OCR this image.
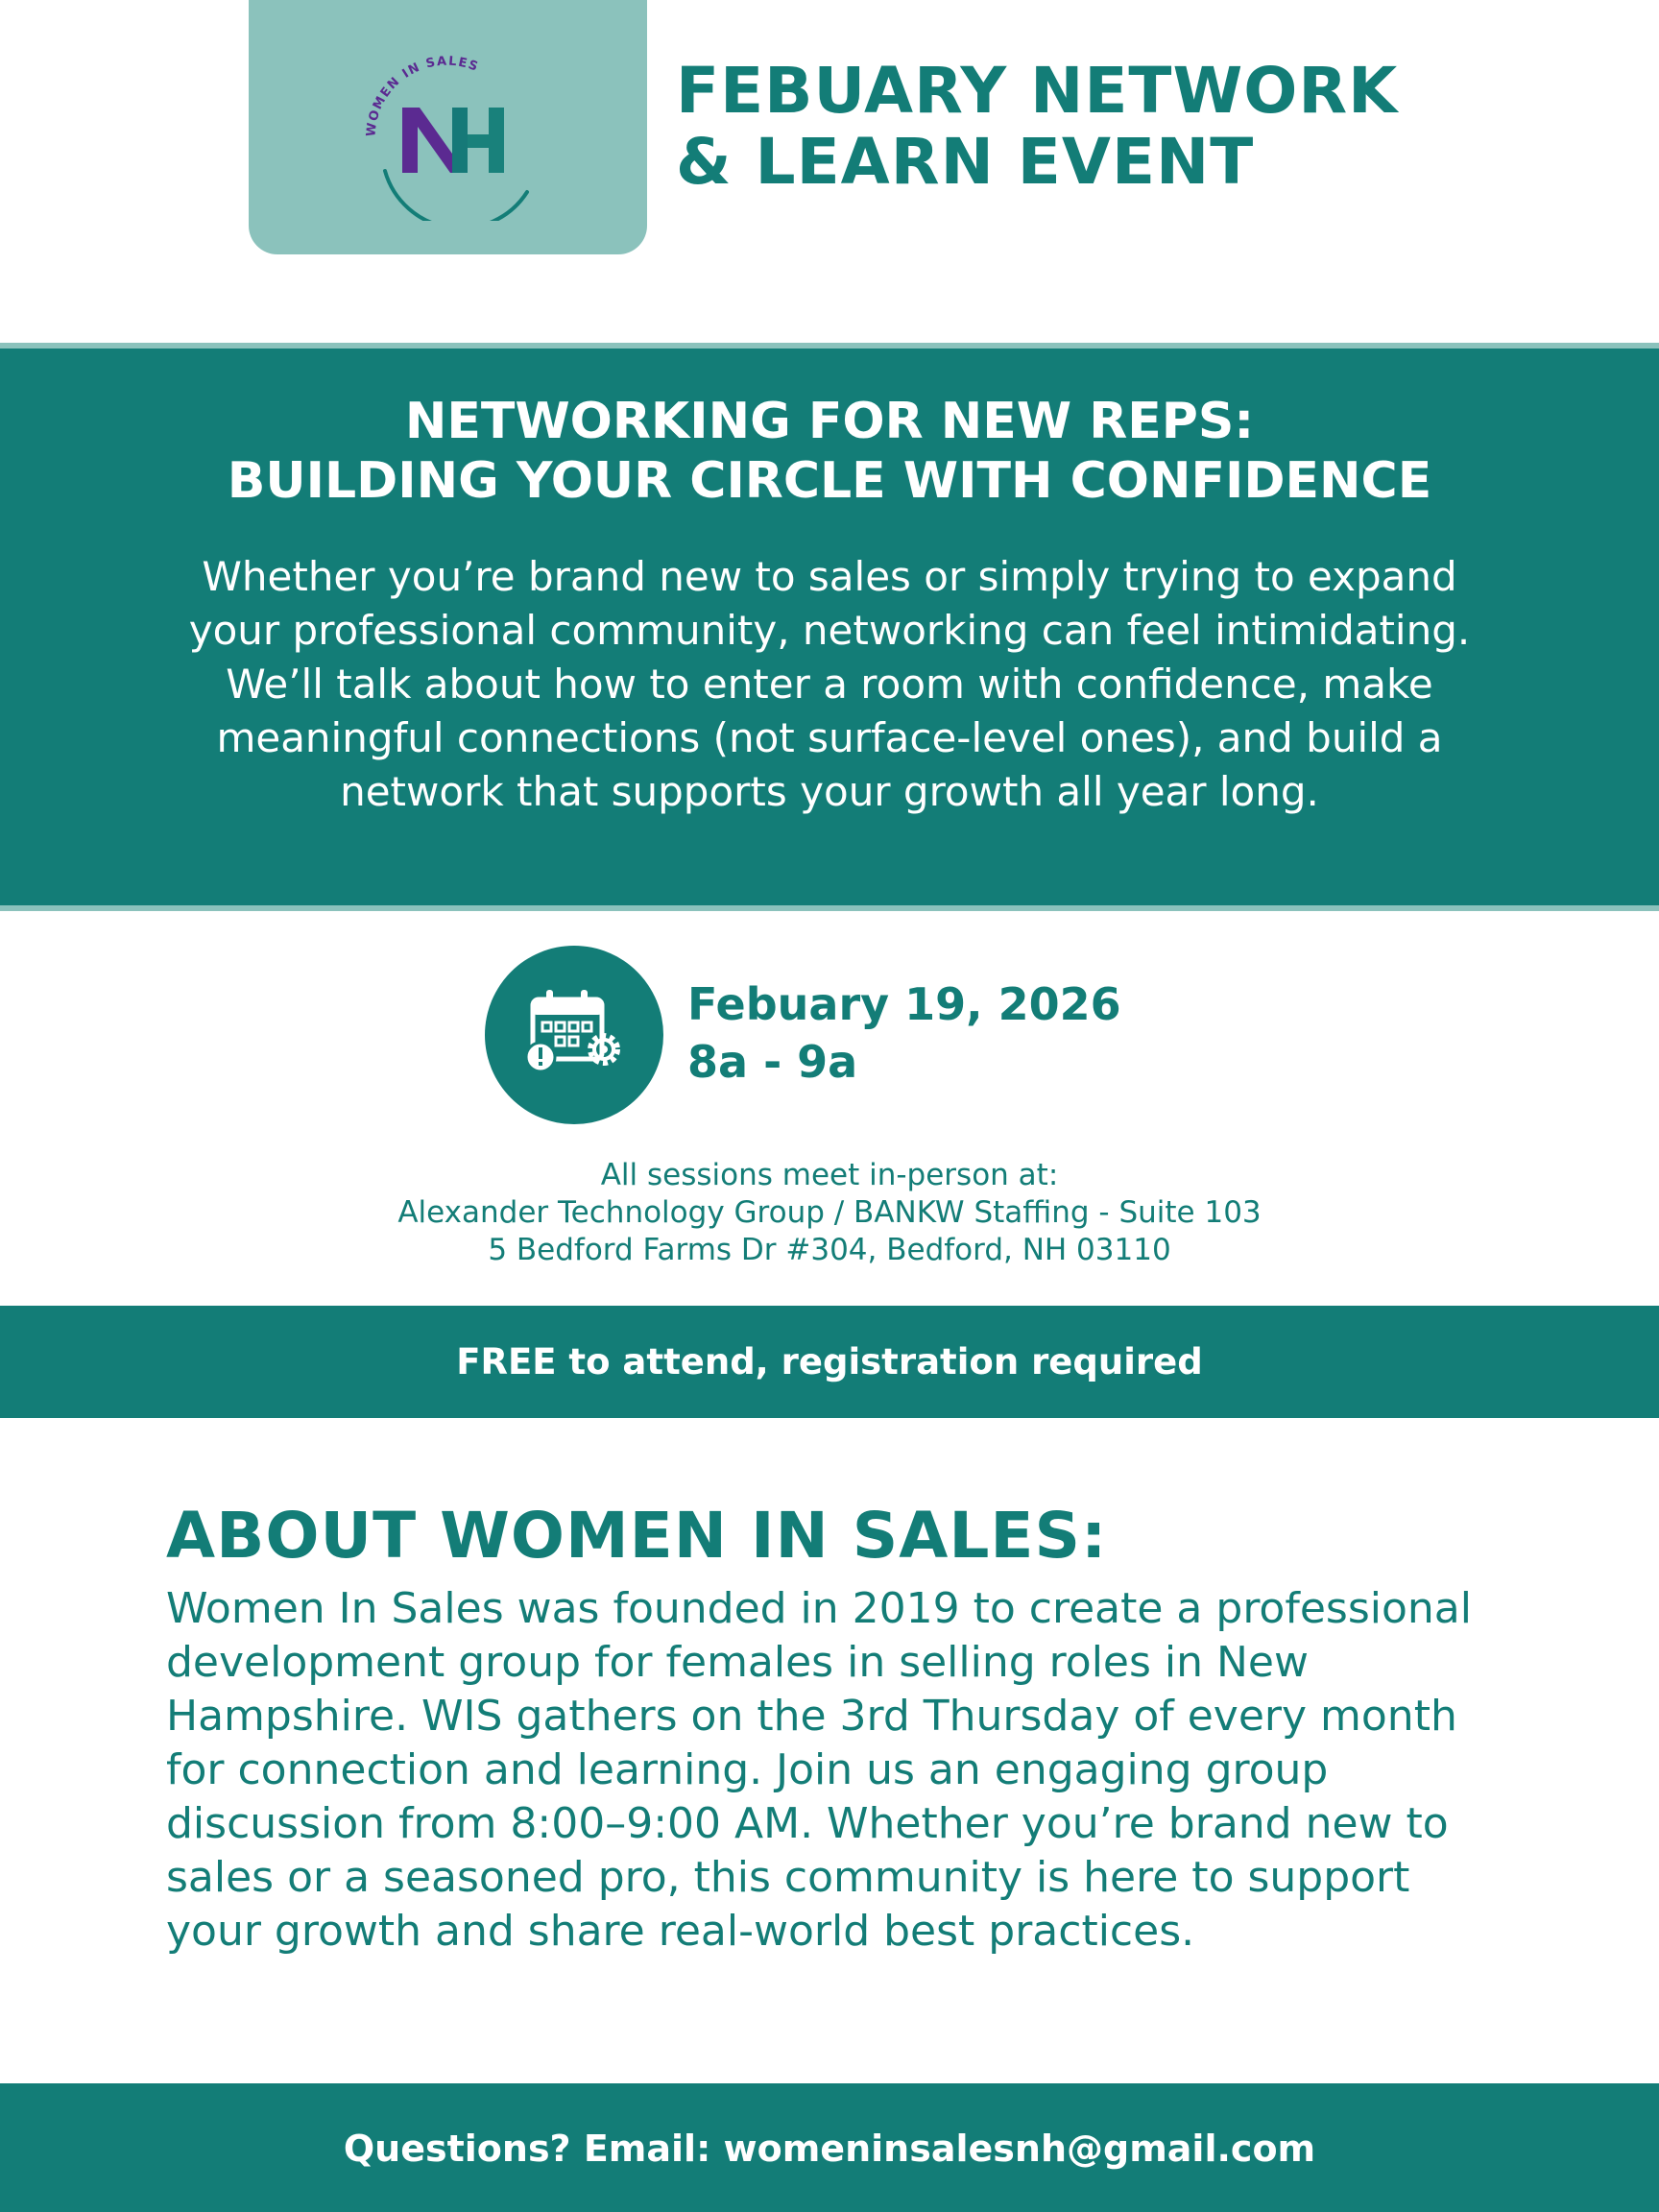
WOMEN IN SALES	FEBUARY NETWORK
& LEARN EVENT
NETWORKING FOR NEW REPS:
BUILDING YOUR CIRCLE WITH CONFIDENCE
Whether you’re brand new to sales or simply trying to expand
your professional community, networking can feel intimidating.
We’ll talk about how to enter a room with confidence, make
meaningful connections (not surface-level ones), and build a
network that supports your growth all year long.
Febuary 19, 2026
8a - 9a
All sessions meet in-person at:
Alexander Technology Group / BANKW Staffing - Suite 103
5 Bedford Farms Dr #304, Bedford, NH 03110
FREE to attend, registration required
ABOUT WOMEN IN SALES:
Women In Sales was founded in 2019 to create a professional
development group for females in selling roles in New
Hampshire. WIS gathers on the 3rd Thursday of every month
for connection and learning. Join us an engaging group
discussion from 8:00–9:00 AM. Whether you’re brand new to
sales or a seasoned pro, this community is here to support
your growth and share real-world best practices.
Questions? Email: womeninsalesnh@gmail.com
